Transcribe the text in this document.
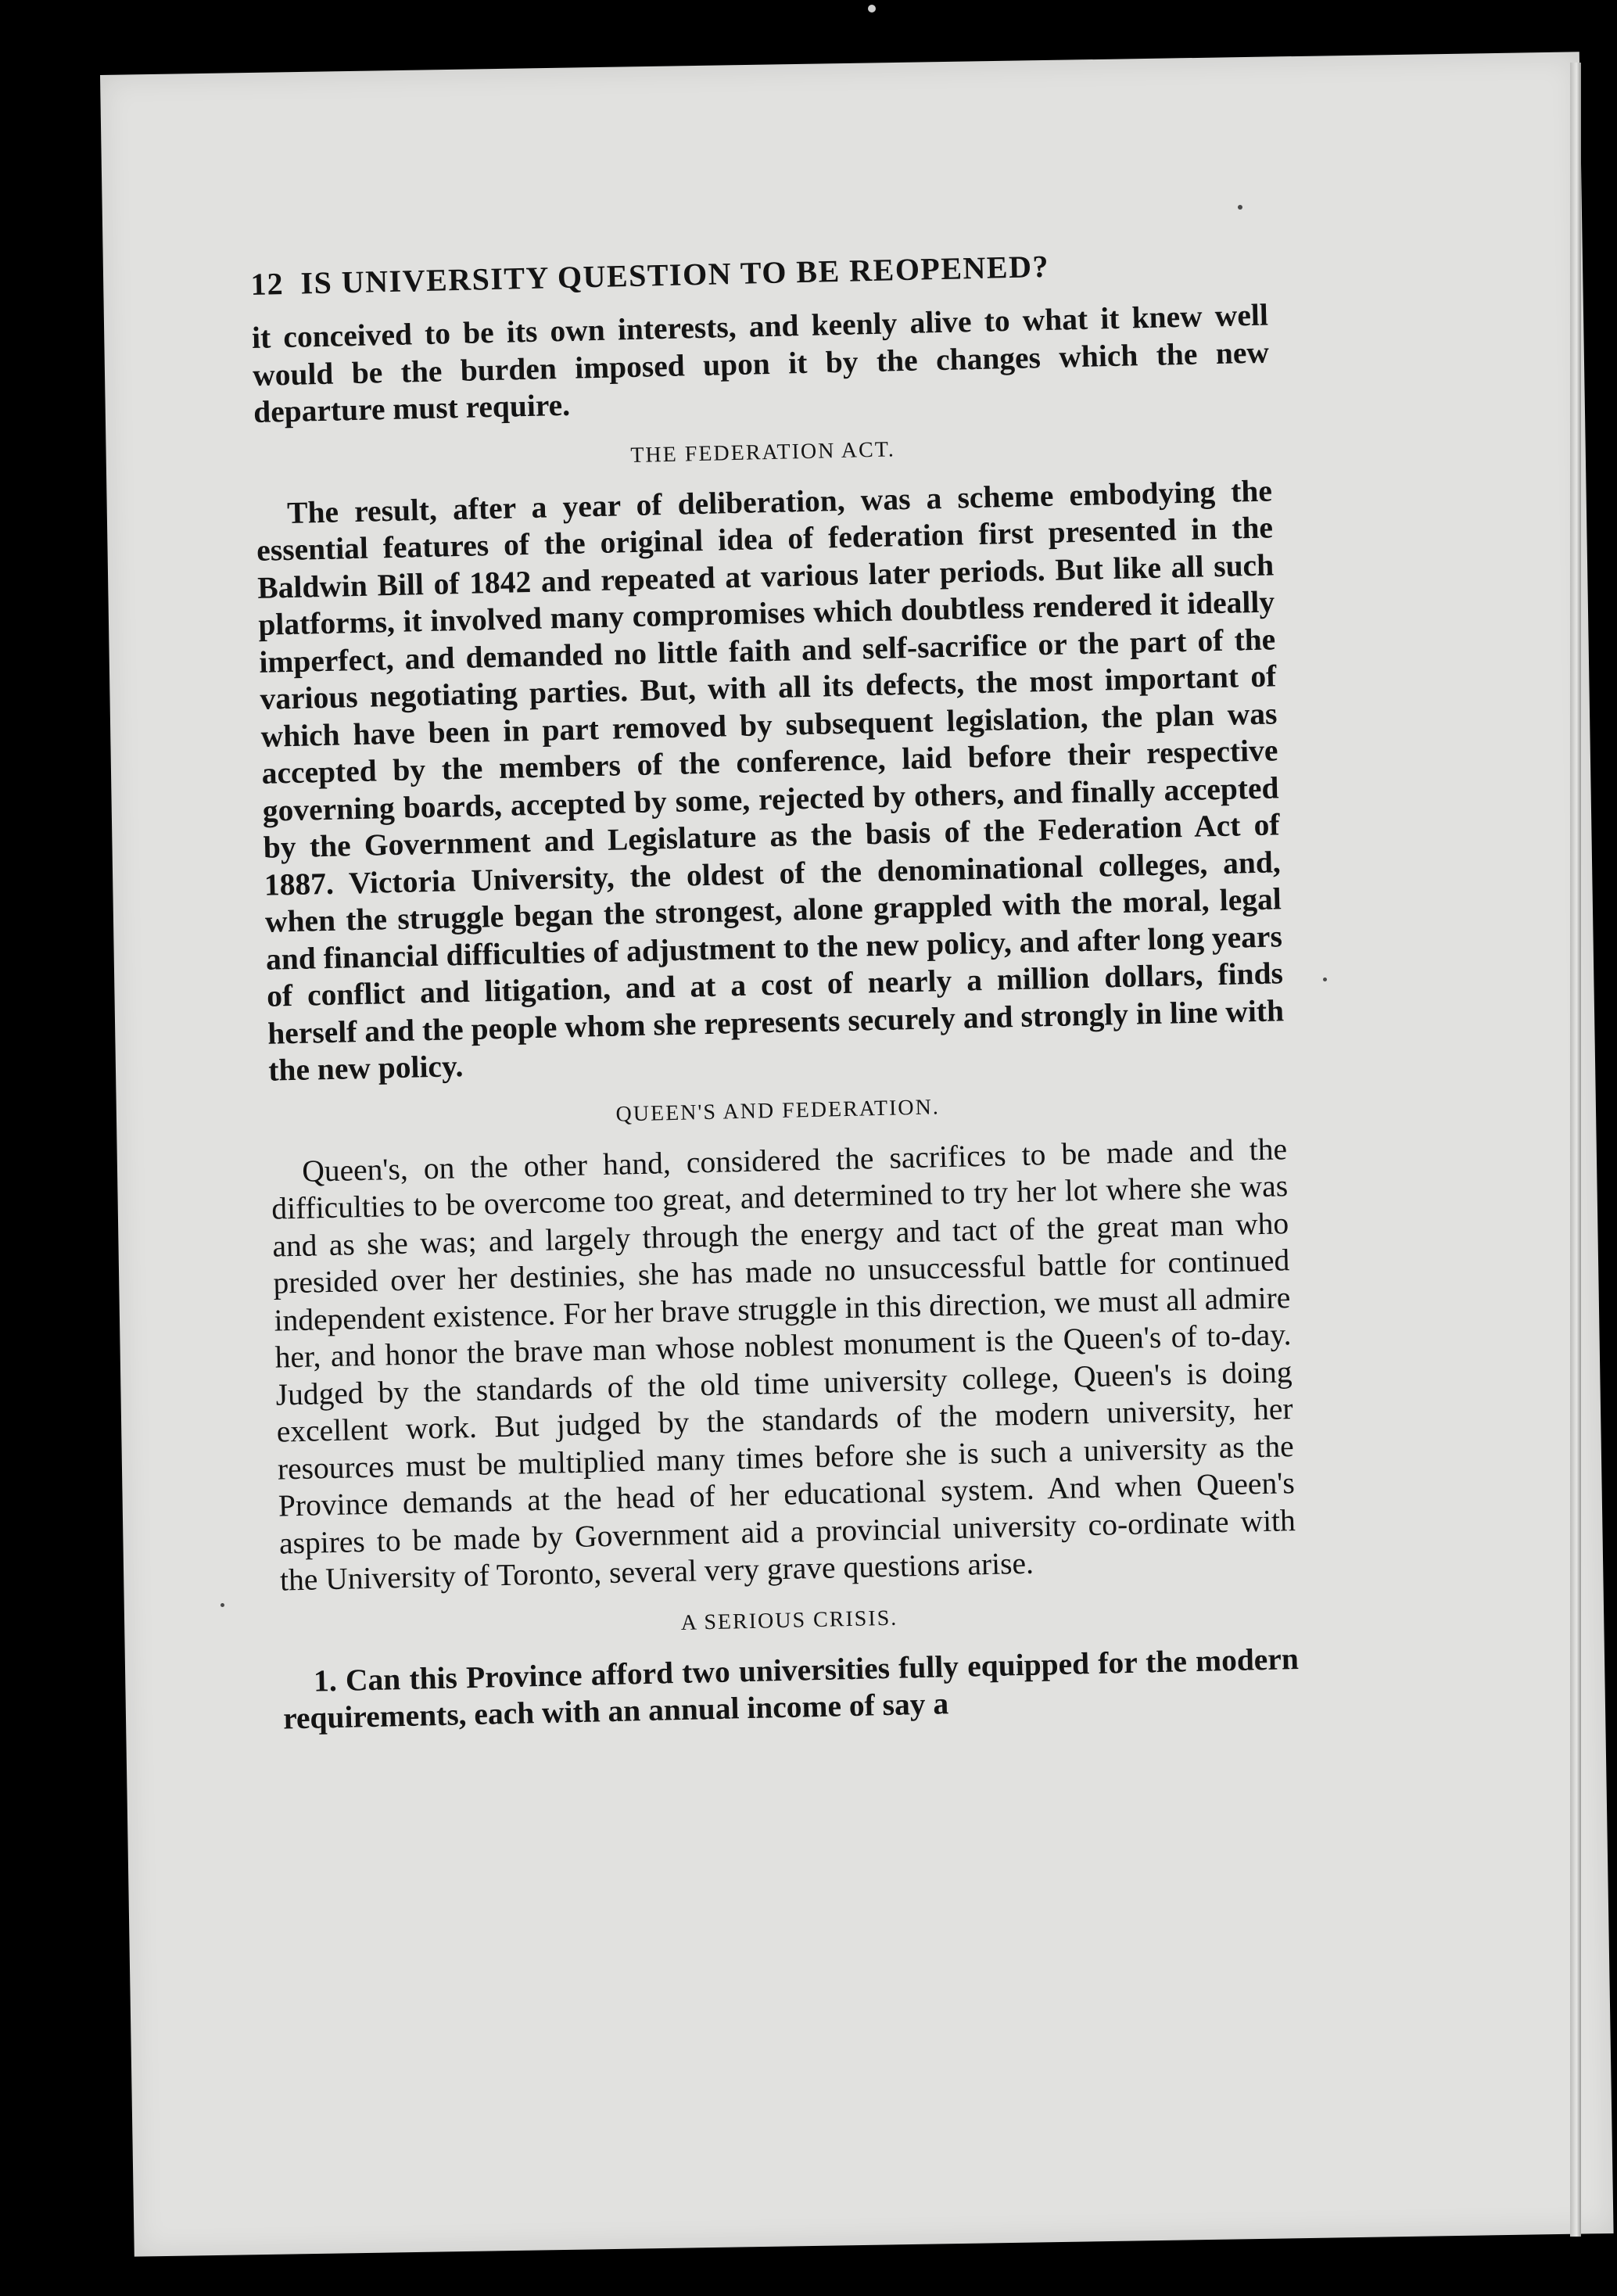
12 IS UNIVERSITY QUESTION TO BE REOPENED?

it conceived to be its own interests, and keenly alive to what it knew well would be the burden imposed upon it by the changes which the new departure must require.

THE FEDERATION ACT.

The result, after a year of deliberation, was a scheme embodying the essential features of the original idea of federation first presented in the Baldwin Bill of 1842 and repeated at various later periods. But like all such platforms, it involved many compromises which doubtless rendered it ideally imperfect, and demanded no little faith and self-sacrifice or the part of the various negotiating parties. But, with all its defects, the most important of which have been in part removed by subsequent legislation, the plan was accepted by the members of the conference, laid before their respective governing boards, accepted by some, rejected by others, and finally accepted by the Government and Legislature as the basis of the Federation Act of 1887. Victoria University, the oldest of the denominational colleges, and, when the struggle began the strongest, alone grappled with the moral, legal and financial difficulties of adjustment to the new policy, and after long years of conflict and litigation, and at a cost of nearly a million dollars, finds herself and the people whom she represents securely and strongly in line with the new policy.

QUEEN'S AND FEDERATION.

Queen's, on the other hand, considered the sacrifices to be made and the difficulties to be overcome too great, and determined to try her lot where she was and as she was; and largely through the energy and tact of the great man who presided over her destinies, she has made no unsuccessful battle for continued independent existence. For her brave struggle in this direction, we must all admire her, and honor the brave man whose noblest monument is the Queen's of to-day. Judged by the standards of the old time university college, Queen's is doing excellent work. But judged by the standards of the modern university, her resources must be multiplied many times before she is such a university as the Province demands at the head of her educational system. And when Queen's aspires to be made by Government aid a provincial university co-ordinate with the University of Toronto, several very grave questions arise.

A SERIOUS CRISIS.

1. Can this Province afford two universities fully equipped for the modern requirements, each with an annual income of say a
